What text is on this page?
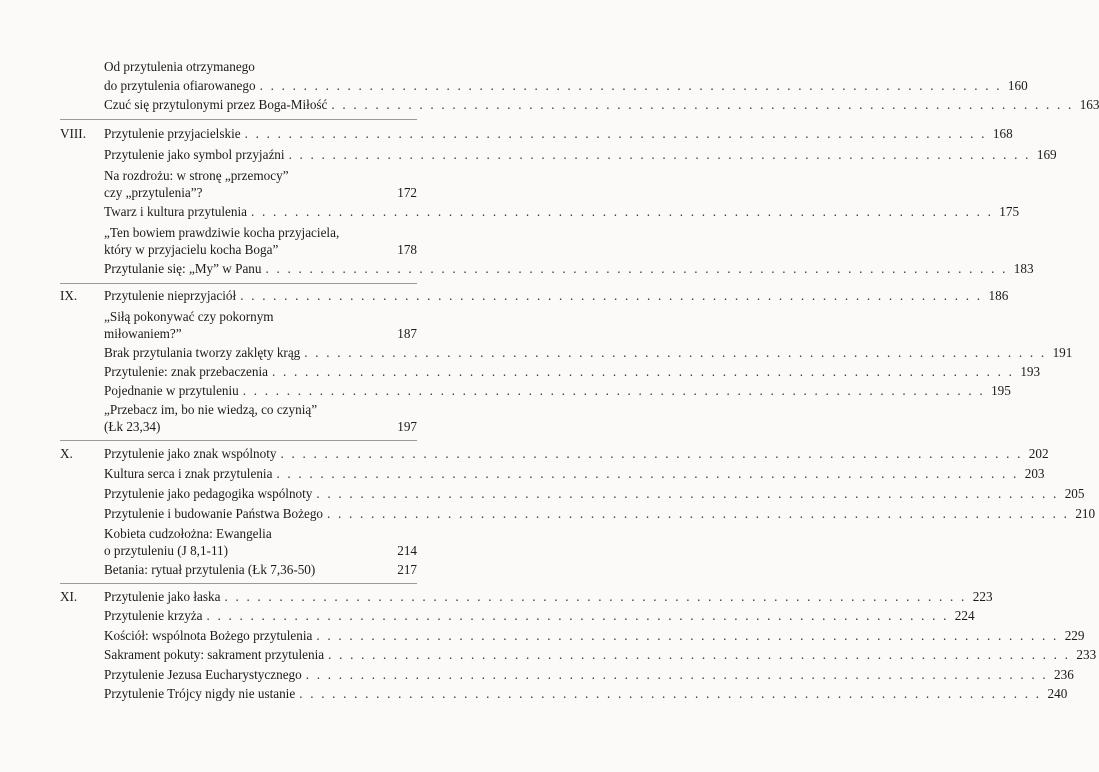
Od przytulenia otrzymanego
do przytulenia ofiarowanego . . .	160
Czuć się przytulonymi przez Boga-Miłość . . .	163
VIII.	Przytulenie przyjacielskie . . .	168
Przytulenie jako symbol przyjaźni . . .	169
Na rozdrożu: w stronę „przemocy”
czy „przytulenia”?	172
Twarz i kultura przytulenia . . .	175
„Ten bowiem prawdziwie kocha przyjaciela,
który w przyjacielu kocha Boga”	178
Przytulanie się: „My” w Panu . . .	183
IX.	Przytulenie nieprzyjaciół . . .	186
„Siłą pokonywać czy pokornym
miłowaniem?”	187
Brak przytulania tworzy zaklęty krąg . . .	191
Przytulenie: znak przebaczenia . . .	193
Pojednanie w przytuleniu . . .	195
„Przebacz im, bo nie wiedzą, co czynią”
(Łk 23,34)	197
X.	Przytulenie jako znak wspólnoty . . .	202
Kultura serca i znak przytulenia . . .	203
Przytulenie jako pedagogika wspólnoty . . .	205
Przytulenie i budowanie Państwa Bożego . . .	210
Kobieta cudzołożna: Ewangelia
o przytuleniu (J 8,1-11)	214
Betania: rytuał przytulenia (Łk 7,36-50)	217
XI.	Przytulenie jako łaska . . .	223
Przytulenie krzyża . . .	224
Kościół: wspólnota Bożego przytulenia . . .	229
Sakrament pokuty: sakrament przytulenia . . .	233
Przytulenie Jezusa Eucharystycznego . . .	236
Przytulenie Trójcy nigdy nie ustanie . . .	240
